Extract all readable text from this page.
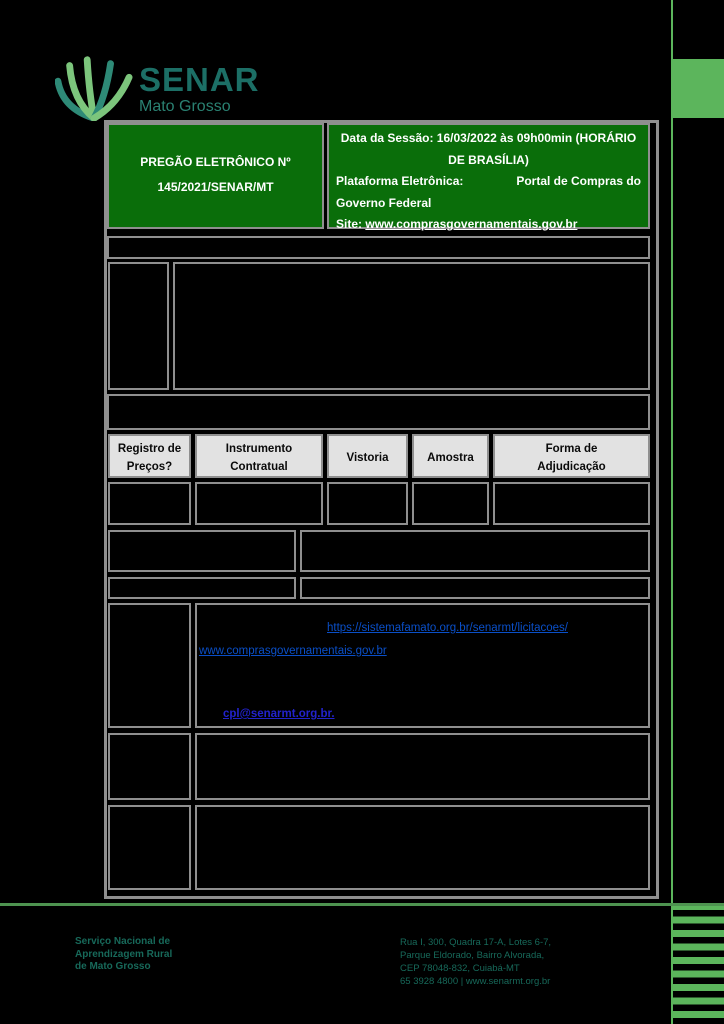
SENAR
Mato Grosso
PREGÃO ELETRÔNICO Nº
145/2021/SENAR/MT
Data da Sessão: 16/03/2022 às 09h00min (HORÁRIO
DE BRASÍLIA)
Plataforma Eletrônica:	Portal de Compras do
Governo Federal
Site: www.comprasgovernamentais.gov.br
Registro de
Preços?
Instrumento
Contratual
Vistoria	Amostra
Forma de
Adjudicação
https://sistemafamato.org.br/senarmt/licitacoes/
www.comprasgovernamentais.gov.br
cpl@senarmt.org.br.
Serviço Nacional de
Aprendizagem Rural
de Mato Grosso
Rua I, 300, Quadra 17-A, Lotes 6-7,
Parque Eldorado, Bairro Alvorada,
CEP 78048-832, Cuiabá-MT
65 3928 4800 | www.senarmt.org.br
